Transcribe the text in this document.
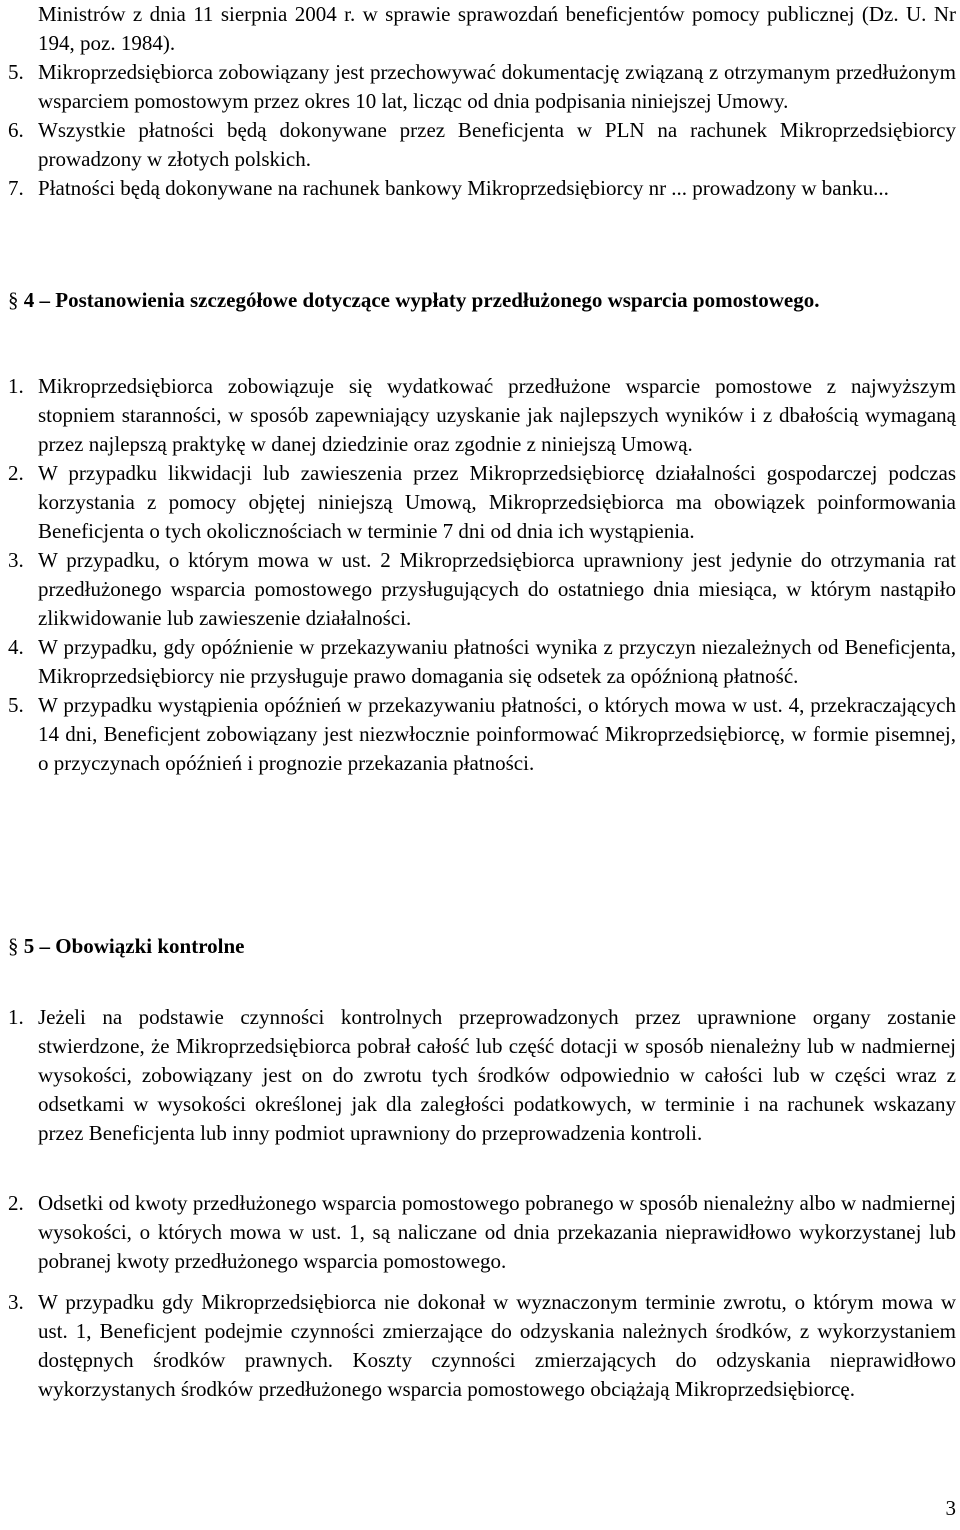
Ministrów z dnia 11 sierpnia 2004 r. w sprawie sprawozdań beneficjentów pomocy publicznej (Dz. U. Nr 194, poz. 1984).
5. Mikroprzedsiębiorca zobowiązany jest przechowywać dokumentację związaną z otrzymanym przedłużonym wsparciem pomostowym przez okres 10 lat, licząc od dnia podpisania niniejszej Umowy.
6. Wszystkie płatności będą dokonywane przez Beneficjenta w PLN na rachunek Mikroprzedsiębiorcy prowadzony w złotych polskich.
7. Płatności będą dokonywane na rachunek bankowy Mikroprzedsiębiorcy nr ... prowadzony w banku...
§ 4 – Postanowienia szczegółowe dotyczące wypłaty przedłużonego wsparcia pomostowego.
1. Mikroprzedsiębiorca zobowiązuje się wydatkować przedłużone wsparcie pomostowe z najwyższym stopniem staranności, w sposób zapewniający uzyskanie jak najlepszych wyników i z dbałością wymaganą przez najlepszą praktykę w danej dziedzinie oraz zgodnie z niniejszą Umową.
2. W przypadku likwidacji lub zawieszenia przez Mikroprzedsiębiorcę działalności gospodarczej podczas korzystania z pomocy objętej niniejszą Umową, Mikroprzedsiębiorca ma obowiązek poinformowania Beneficjenta o tych okolicznościach w terminie 7 dni od dnia ich wystąpienia.
3. W przypadku, o którym mowa w ust. 2 Mikroprzedsiębiorca uprawniony jest jedynie do otrzymania rat przedłużonego wsparcia pomostowego przysługujących do ostatniego dnia miesiąca, w którym nastąpiło zlikwidowanie lub zawieszenie działalności.
4. W przypadku, gdy opóźnienie w przekazywaniu płatności wynika z przyczyn niezależnych od Beneficjenta, Mikroprzedsiębiorcy nie przysługuje prawo domagania się odsetek za opóźnioną płatność.
5. W przypadku wystąpienia opóźnień w przekazywaniu płatności, o których mowa w ust. 4, przekraczających 14 dni, Beneficjent zobowiązany jest niezwłocznie poinformować Mikroprzedsiębiorcę, w formie pisemnej, o przyczynach opóźnień i prognozie przekazania płatności.
§ 5 – Obowiązki kontrolne
1. Jeżeli na podstawie czynności kontrolnych przeprowadzonych przez uprawnione organy zostanie stwierdzone, że Mikroprzedsiębiorca pobrał całość lub część dotacji w sposób nienależny lub w nadmiernej wysokości, zobowiązany jest on do zwrotu tych środków odpowiednio w całości lub w części wraz z odsetkami w wysokości określonej jak dla zaległości podatkowych, w terminie i na rachunek wskazany przez Beneficjenta lub inny podmiot uprawniony do przeprowadzenia kontroli.
2. Odsetki od kwoty przedłużonego wsparcia pomostowego pobranego w sposób nienależny albo w nadmiernej wysokości, o których mowa w ust. 1, są naliczane od dnia przekazania nieprawidłowo wykorzystanej lub pobranej kwoty przedłużonego wsparcia pomostowego.
3. W przypadku gdy Mikroprzedsiębiorca nie dokonał w wyznaczonym terminie zwrotu, o którym mowa w ust. 1, Beneficjent podejmie czynności zmierzające do odzyskania należnych środków, z wykorzystaniem dostępnych środków prawnych. Koszty czynności zmierzających do odzyskania nieprawidłowo wykorzystanych środków przedłużonego wsparcia pomostowego obciążają Mikroprzedsiębiorcę.
3
